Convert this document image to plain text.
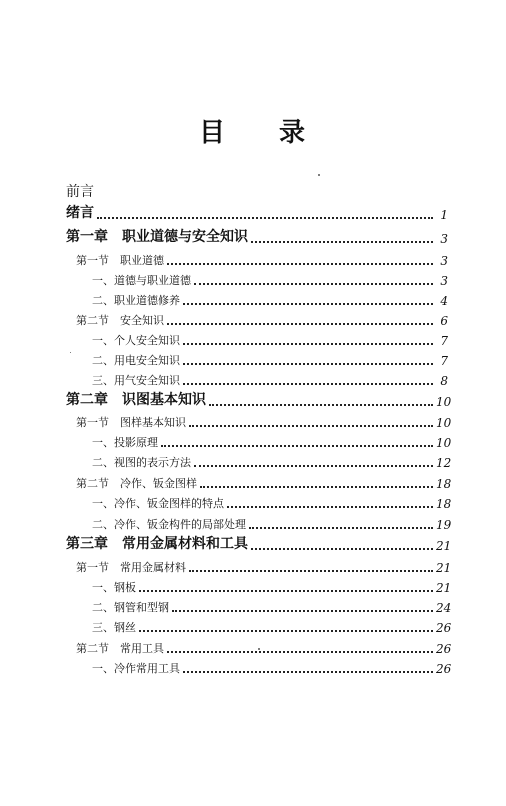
目 录
前言
绪言	1
第一章　职业道德与安全知识	3
第一节　职业道德	3
一、道德与职业道德	3
二、职业道德修养	4
第二节　安全知识	6
一、个人安全知识	7
二、用电安全知识	7
三、用气安全知识	8
第二章　识图基本知识	10
第一节　图样基本知识	10
一、投影原理	10
二、视图的表示方法	12
第二节　冷作、钣金图样	18
一、冷作、钣金图样的特点	18
二、冷作、钣金构件的局部处理	19
第三章　常用金属材料和工具	21
第一节　常用金属材料	21
一、钢板	21
二、钢管和型钢	24
三、钢丝	26
第二节　常用工具	26
一、冷作常用工具	26
